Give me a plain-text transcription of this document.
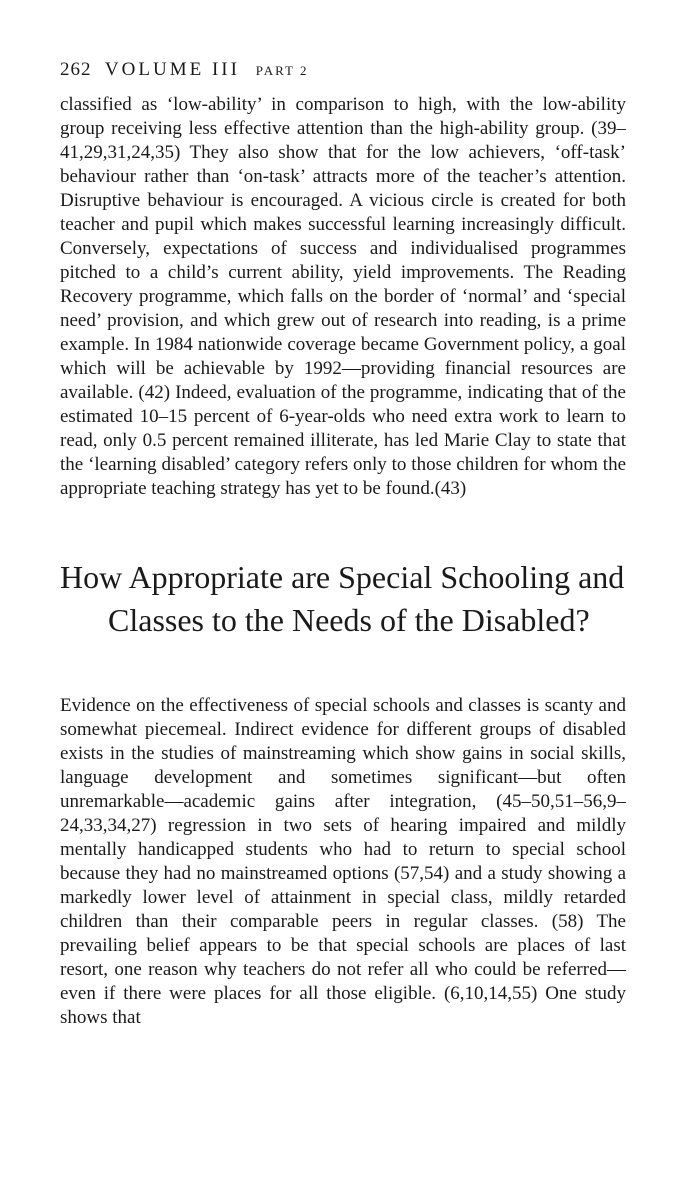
262 VOLUME III PART 2

classified as ‘low-ability’ in comparison to high, with the low-ability group receiving less effective attention than the high-ability group. (39–41,29,31,24,35) They also show that for the low achievers, ‘off-task’ behaviour rather than ‘on-task’ attracts more of the teacher’s attention. Disruptive behaviour is encouraged. A vicious circle is created for both teacher and pupil which makes successful learning increasingly difficult. Conversely, expectations of success and individualised programmes pitched to a child’s current ability, yield improvements. The Reading Recovery programme, which falls on the border of ‘normal’ and ‘special need’ provision, and which grew out of research into reading, is a prime example. In 1984 nationwide coverage became Government policy, a goal which will be achievable by 1992—providing financial resources are available. (42) Indeed, evaluation of the programme, indicating that of the estimated 10–15 percent of 6-year-olds who need extra work to learn to read, only 0.5 percent remained illiterate, has led Marie Clay to state that the ‘learning disabled’ category refers only to those children for whom the appropriate teaching strategy has yet to be found.(43)

How Appropriate are Special Schooling and Classes to the Needs of the Disabled?

Evidence on the effectiveness of special schools and classes is scanty and somewhat piecemeal. Indirect evidence for different groups of disabled exists in the studies of mainstreaming which show gains in social skills, language development and sometimes significant—but often unremarkable—academic gains after integration, (45–50,51–56,9–24,33,34,27) regression in two sets of hearing impaired and mildly mentally handicapped students who had to return to special school because they had no mainstreamed options (57,54) and a study showing a markedly lower level of attainment in special class, mildly retarded children than their comparable peers in regular classes. (58) The prevailing belief appears to be that special schools are places of last resort, one reason why teachers do not refer all who could be referred—even if there were places for all those eligible. (6,10,14,55) One study shows that
